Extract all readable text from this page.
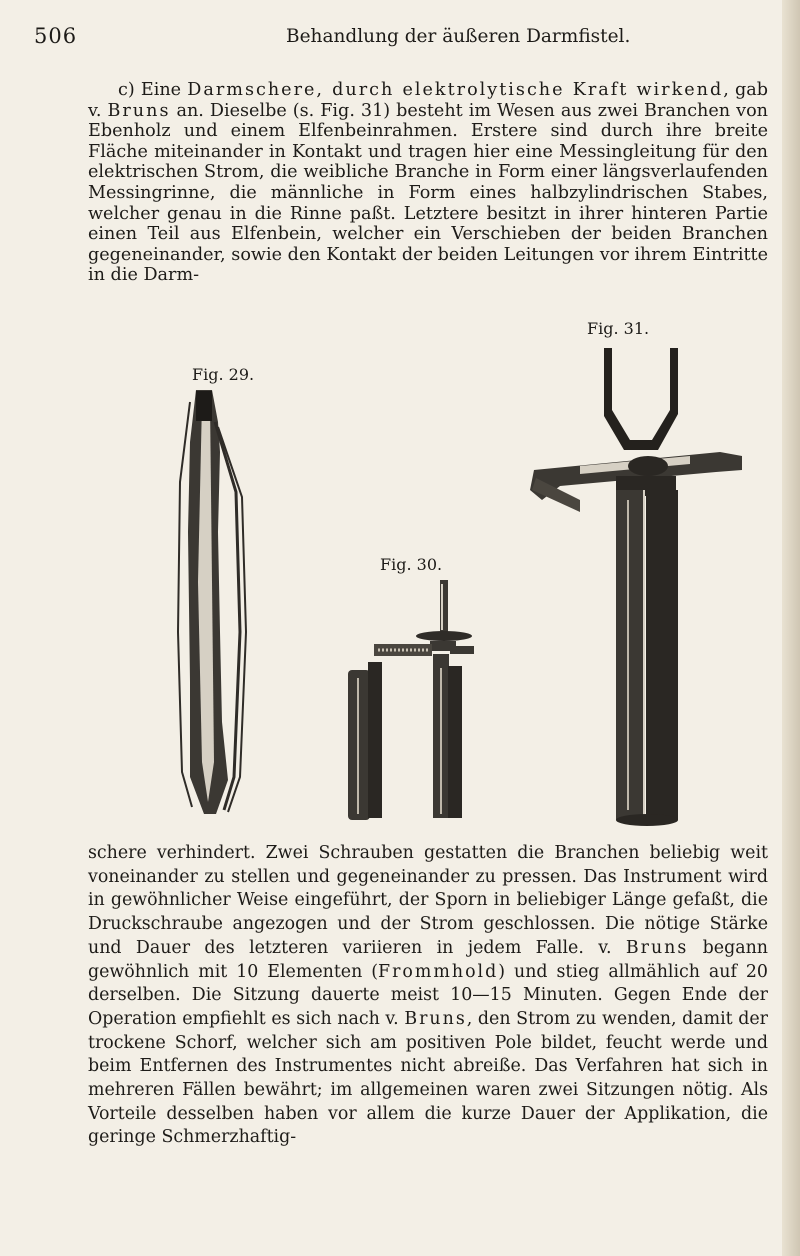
506	Behandlung der äußeren Darmfistel.

c) Eine Darmschere, durch elektrolytische Kraft wirkend, gab v. Bruns an. Dieselbe (s. Fig. 31) besteht im Wesen aus zwei Branchen von Ebenholz und einem Elfenbeinrahmen. Erstere sind durch ihre breite Fläche miteinander in Kontakt und tragen hier eine Messingleitung für den elektrischen Strom, die weibliche Branche in Form einer längsverlaufenden Messingrinne, die männliche in Form eines halbzylindrischen Stabes, welcher genau in die Rinne paßt. Letztere besitzt in ihrer hinteren Partie einen Teil aus Elfenbein, welcher ein Verschieben der beiden Branchen gegeneinander, sowie den Kontakt der beiden Leitungen vor ihrem Eintritte in die Darm-

Fig. 29.
Fig. 30.
Fig. 31.

schere verhindert. Zwei Schrauben gestatten die Branchen beliebig weit voneinander zu stellen und gegeneinander zu pressen. Das Instrument wird in gewöhnlicher Weise eingeführt, der Sporn in beliebiger Länge gefaßt, die Druckschraube angezogen und der Strom geschlossen. Die nötige Stärke und Dauer des letzteren variieren in jedem Falle. v. Bruns begann gewöhnlich mit 10 Elementen (Frommhold) und stieg allmählich auf 20 derselben. Die Sitzung dauerte meist 10—15 Minuten. Gegen Ende der Operation empfiehlt es sich nach v. Bruns, den Strom zu wenden, damit der trockene Schorf, welcher sich am positiven Pole bildet, feucht werde und beim Entfernen des Instrumentes nicht abreiße. Das Verfahren hat sich in mehreren Fällen bewährt; im allgemeinen waren zwei Sitzungen nötig. Als Vorteile desselben haben vor allem die kurze Dauer der Applikation, die geringe Schmerzhaftig-
